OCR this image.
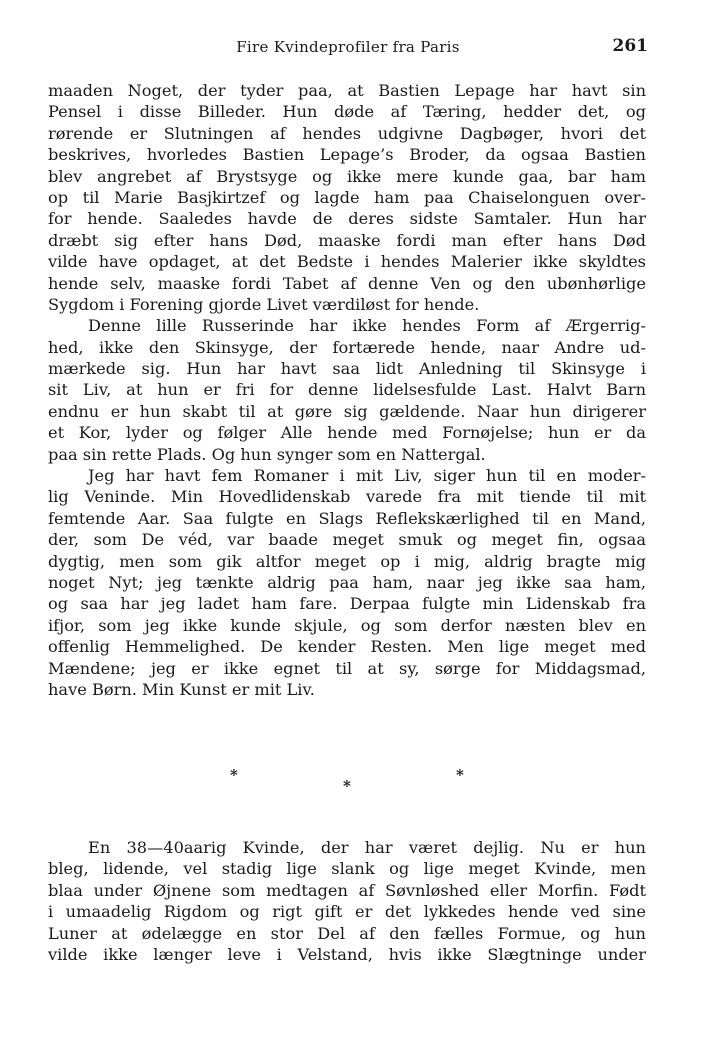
Fire Kvindeprofiler fra Paris	261
maaden Noget, der tyder paa, at Bastien Lepage har havt sin
Pensel i disse Billeder. Hun døde af Tæring, hedder det, og
rørende er Slutningen af hendes udgivne Dagbøger, hvori det
beskrives, hvorledes Bastien Lepage’s Broder, da ogsaa Bastien
blev angrebet af Brystsyge og ikke mere kunde gaa, bar ham
op til Marie Basjkirtzef og lagde ham paa Chaiselonguen over-
for hende. Saaledes havde de deres sidste Samtaler. Hun har
dræbt sig efter hans Død, maaske fordi man efter hans Død
vilde have opdaget, at det Bedste i hendes Malerier ikke skyldtes
hende selv, maaske fordi Tabet af denne Ven og den ubønhørlige
Sygdom i Forening gjorde Livet værdiløst for hende.
Denne lille Russerinde har ikke hendes Form af Ærgerrig-
hed, ikke den Skinsyge, der fortærede hende, naar Andre ud-
mærkede sig. Hun har havt saa lidt Anledning til Skinsyge i
sit Liv, at hun er fri for denne lidelsesfulde Last. Halvt Barn
endnu er hun skabt til at gøre sig gældende. Naar hun dirigerer
et Kor, lyder og følger Alle hende med Fornøjelse; hun er da
paa sin rette Plads. Og hun synger som en Nattergal.
Jeg har havt fem Romaner i mit Liv, siger hun til en moder-
lig Veninde. Min Hovedlidenskab varede fra mit tiende til mit
femtende Aar. Saa fulgte en Slags Reflekskærlighed til en Mand,
der, som De véd, var baade meget smuk og meget fin, ogsaa
dygtig, men som gik altfor meget op i mig, aldrig bragte mig
noget Nyt; jeg tænkte aldrig paa ham, naar jeg ikke saa ham,
og saa har jeg ladet ham fare. Derpaa fulgte min Lidenskab fra
ifjor, som jeg ikke kunde skjule, og som derfor næsten blev en
offenlig Hemmelighed. De kender Resten. Men lige meget med
Mændene; jeg er ikke egnet til at sy, sørge for Middagsmad,
have Børn. Min Kunst er mit Liv.
*
*
*
En 38—40aarig Kvinde, der har været dejlig. Nu er hun
bleg, lidende, vel stadig lige slank og lige meget Kvinde, men
blaa under Øjnene som medtagen af Søvnløshed eller Morfin. Født
i umaadelig Rigdom og rigt gift er det lykkedes hende ved sine
Luner at ødelægge en stor Del af den fælles Formue, og hun
vilde ikke længer leve i Velstand, hvis ikke Slægtninge under
